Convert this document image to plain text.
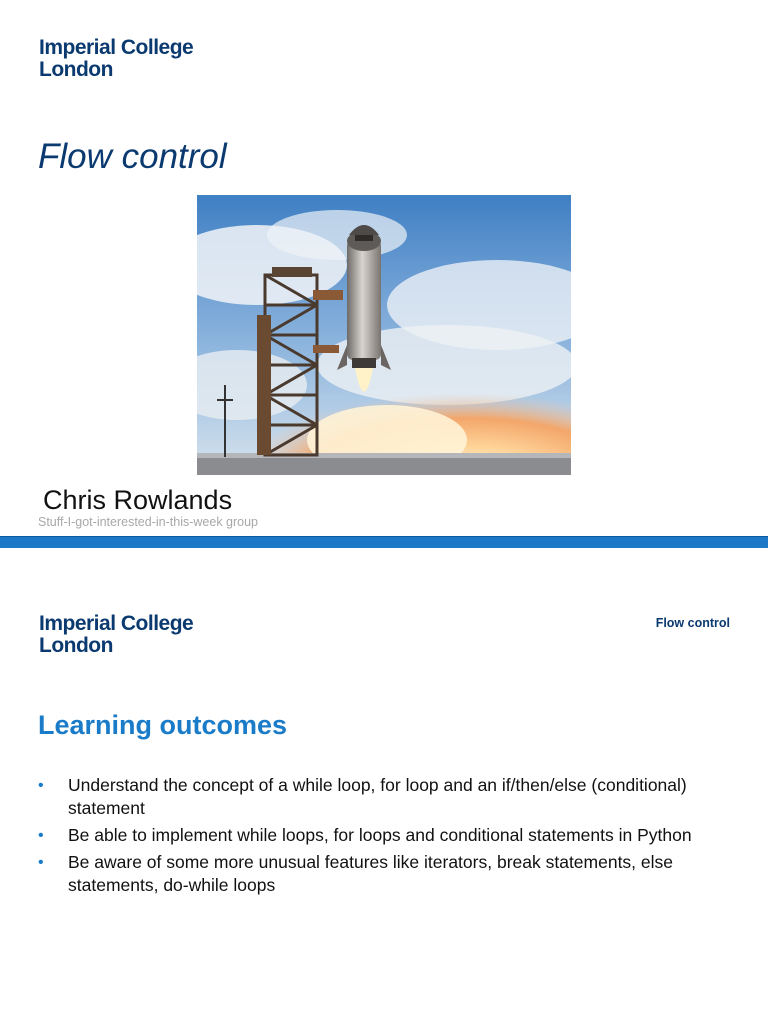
Imperial College
London
Flow control

Chris Rowlands

Stuff-I-got-interested-in-this-week group

Imperial College
London
Flow control
Learning outcomes
• Understand the concept of a while loop, for loop and an if/then/else (conditional) statement
• Be able to implement while loops, for loops and conditional statements in Python
• Be aware of some more unusual features like iterators, break statements, else statements, do-while loops
